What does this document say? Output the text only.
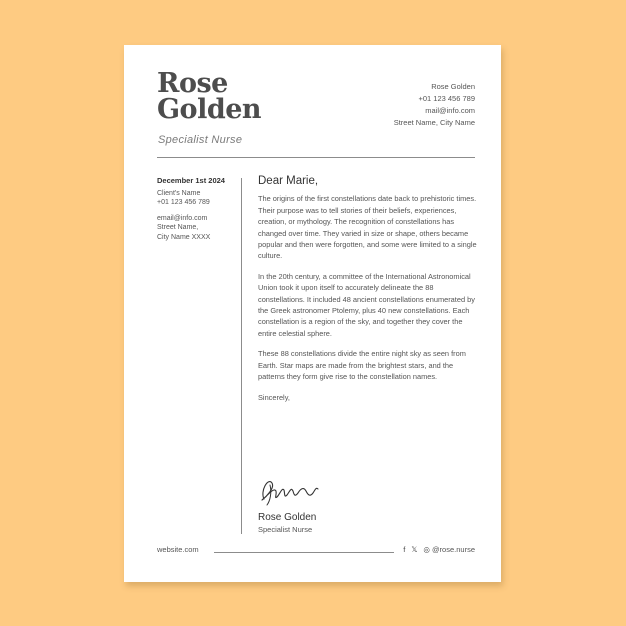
Rose
Golden
Specialist Nurse
Rose Golden
+01 123 456 789
mail@info.com
Street Name, City Name
December 1st 2024
Client's Name
+01 123 456 789
email@info.com
Street Name,
City Name XXXX
Dear Marie,

The origins of the first constellations date back to prehistoric times. Their purpose was to tell stories of their beliefs, experiences, creation, or mythology. The recognition of constellations has changed over time. They varied in size or shape, others became popular and then were forgotten, and some were limited to a single culture.

In the 20th century, a committee of the International Astronomical Union took it upon itself to accurately delineate the 88 constellations. It included 48 ancient constellations enumerated by the Greek astronomer Ptolemy, plus 40 new constellations. Each constellation is a region of the sky, and together they cover the entire celestial sphere.

These 88 constellations divide the entire night sky as seen from Earth. Star maps are made from the brightest stars, and the patterns they form give rise to the constellation names.

Sincerely,

Rose Golden
Specialist Nurse
website.com	f 𝕏 ◎ @rose.nurse
